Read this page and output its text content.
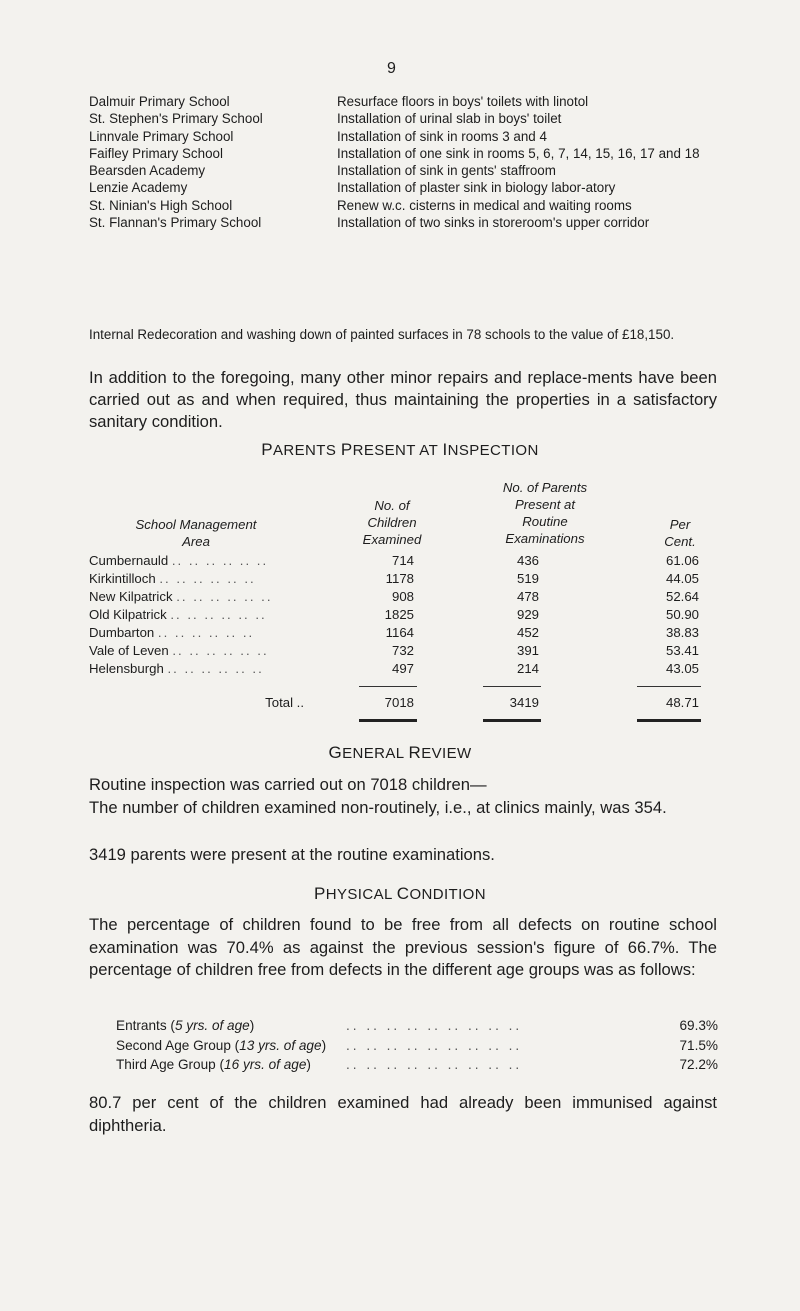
9
Dalmuir Primary School	Resurface floors in boys' toilets with linotol
St. Stephen's Primary School	Installation of urinal slab in boys' toilet
Linnvale Primary School	Installation of sink in rooms 3 and 4
Faifley Primary School	Installation of one sink in rooms 5, 6, 7, 14, 15, 16, 17 and 18
Bearsden Academy	Installation of sink in gents' staffroom
Lenzie Academy	Installation of plaster sink in biology labor-atory
St. Ninian's High School	Renew w.c. cisterns in medical and waiting rooms
St. Flannan's Primary School	Installation of two sinks in storeroom's upper corridor
Internal Redecoration and washing down of painted surfaces in 78 schools to the value of £18,150.
In addition to the foregoing, many other minor repairs and replace-ments have been carried out as and when required, thus maintaining the properties in a satisfactory sanitary condition.
PARENTS PRESENT AT INSPECTION
School Management
Area
No. of
Children
Examined
No. of Parents
Present at
Routine
Examinations
Per
Cent.
Cumbernauld .. .. .. .. .. ..	714	436	61.06
Kirkintilloch .. .. .. .. .. ..	1178	519	44.05
New Kilpatrick .. .. .. .. .. ..	908	478	52.64
Old Kilpatrick .. .. .. .. .. ..	1825	929	50.90
Dumbarton .. .. .. .. .. ..	1164	452	38.83
Vale of Leven .. .. .. .. .. ..	732	391	53.41
Helensburgh .. .. .. .. .. ..	497	214	43.05
Total ..	7018	3419	48.71
GENERAL REVIEW
Routine inspection was carried out on 7018 children—
The number of children examined non-routinely, i.e., at clinics mainly, was 354.
3419 parents were present at the routine examinations.
PHYSICAL CONDITION
The percentage of children found to be free from all defects on routine school examination was 70.4% as against the previous session's figure of 66.7%. The percentage of children free from defects in the different age groups was as follows:
Entrants (5 yrs. of age)	.. .. .. .. .. .. .. .. ..	69.3%
Second Age Group (13 yrs. of age) .. .. .. .. .. .. .. .. ..	71.5%
Third Age Group (16 yrs. of age)	.. .. .. .. .. .. .. .. ..	72.2%
80.7 per cent of the children examined had already been immunised against diphtheria.
